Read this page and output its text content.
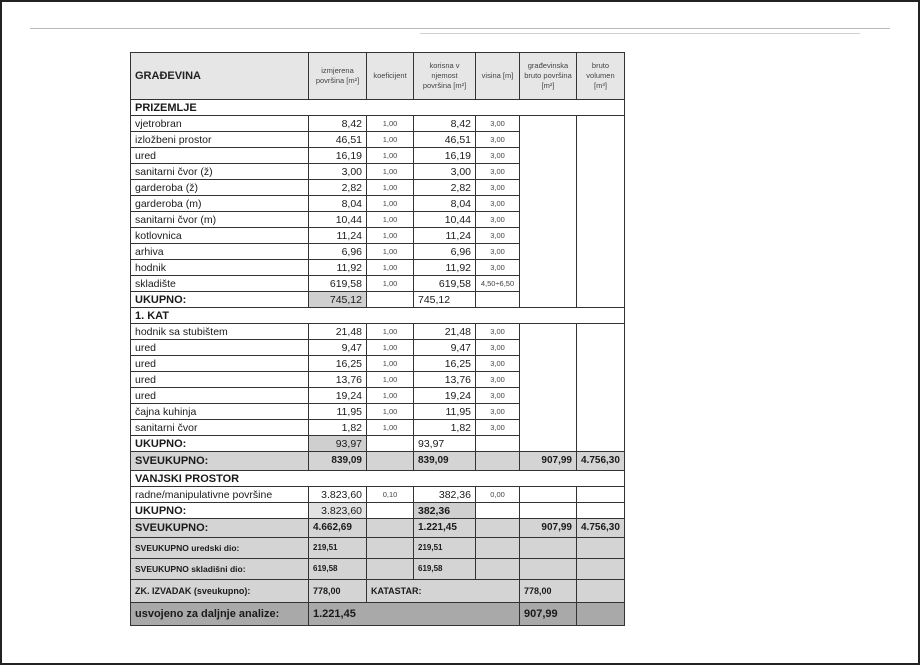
GRAĐEVINA	izmjerena površina [m²]	koeficijent	korisna v njemost površina [m²]	visina [m]	građevinska bruto površina [m²]	bruto volumen [m³]
PRIZEMLJE						
vjetrobran	8,42	1,00	8,42	3,00		
izložbeni prostor	46,51	1,00	46,51	3,00		
ured	16,19	1,00	16,19	3,00		
sanitarni čvor (ž)	3,00	1,00	3,00	3,00		
garderoba (ž)	2,82	1,00	2,82	3,00		
garderoba (m)	8,04	1,00	8,04	3,00		
sanitarni čvor (m)	10,44	1,00	10,44	3,00		
kotlovnica	11,24	1,00	11,24	3,00		
arhiva	6,96	1,00	6,96	3,00		
hodnik	11,92	1,00	11,92	3,00		
skladište	619,58	1,00	619,58	4,50÷6,50		
UKUPNO:	745,12		745,12			
1. KAT						
hodnik sa stubištem	21,48	1,00	21,48	3,00		
ured	9,47	1,00	9,47	3,00		
ured	16,25	1,00	16,25	3,00		
ured	13,76	1,00	13,76	3,00		
ured	19,24	1,00	19,24	3,00		
čajna kuhinja	11,95	1,00	11,95	3,00		
sanitarni čvor	1,82	1,00	1,82	3,00		
UKUPNO:	93,97		93,97			
SVEUKUPNO:	839,09		839,09		907,99	4.756,30
VANJSKI PROSTOR						
radne/manipulativne površine	3.823,60	0,10	382,36	0,00		
UKUPNO:	3.823,60		382,36			
SVEUKUPNO:	4.662,69		1.221,45		907,99	4.756,30
SVEUKUPNO uredski dio:	219,51		219,51			
SVEUKUPNO skladišni dio:	619,58		619,58			
ZK. IZVADAK (sveukupno):	778,00	KATASTAR:			778,00	
usvojeno za daljnje analize:	1.221,45				907,99	
